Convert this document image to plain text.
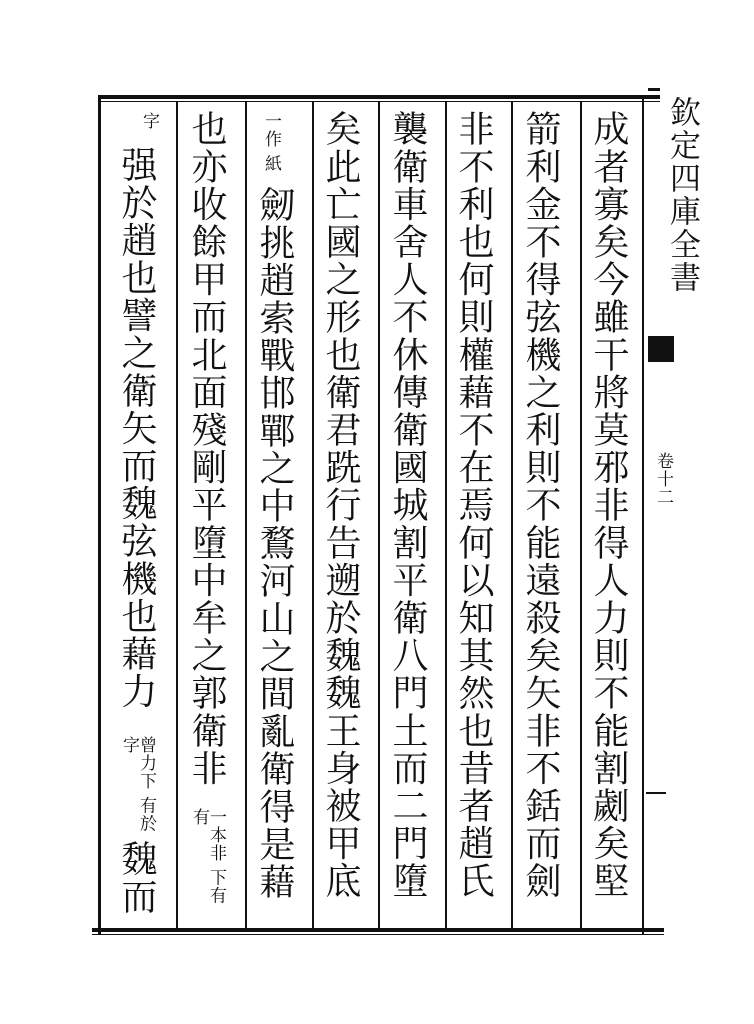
欽定四庫全書
卷十二
成者寡矣今雖干將莫邪非得人力則不能割劌矣堅
箭利金不得弦機之利則不能遠殺矣矢非不銛而劍
非不利也何則權藉不在焉何以知其然也昔者趙氏
襲衛車舍人不休傳衛國城割平衛八門土而二門墮
矣此亡國之形也衛君跣行告遡於魏魏王身被甲底
一作 紙
劒挑趙索戰邯鄲之中鶩河山之間亂衛得是藉
也亦收餘甲而北面殘剛平墮中牟之郭衛非
一本非 下有有
字
强於趙也譬之衛矢而魏弦機也藉力
曾力下 有於字
魏而
